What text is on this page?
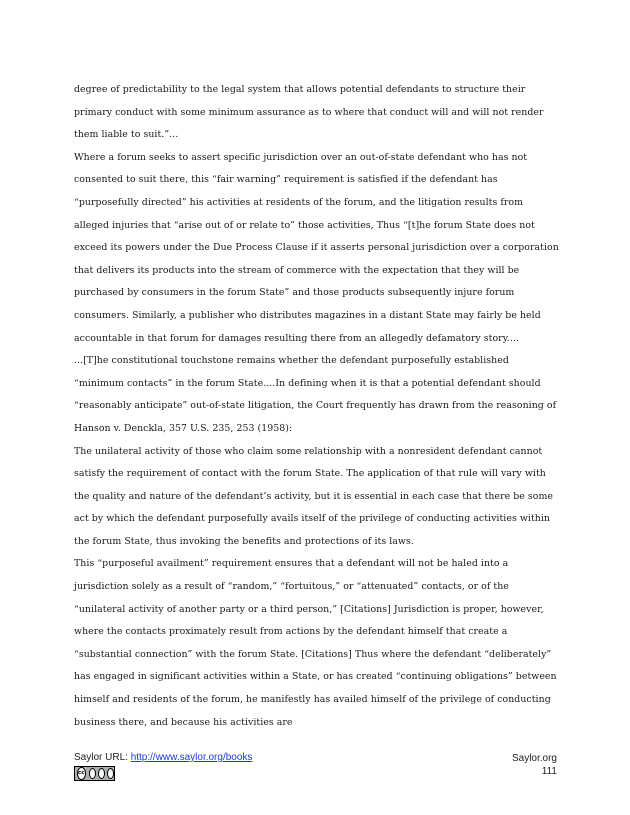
degree of predictability to the legal system that allows potential defendants to structure their primary conduct with some minimum assurance as to where that conduct will and will not render them liable to suit.”...

Where a forum seeks to assert specific jurisdiction over an out-of-state defendant who has not consented to suit there, this “fair warning” requirement is satisfied if the defendant has “purposefully directed” his activities at residents of the forum, and the litigation results from alleged injuries that “arise out of or relate to” those activities, Thus “[t]he forum State does not exceed its powers under the Due Process Clause if it asserts personal jurisdiction over a corporation that delivers its products into the stream of commerce with the expectation that they will be purchased by consumers in the forum State” and those products subsequently injure forum consumers. Similarly, a publisher who distributes magazines in a distant State may fairly be held accountable in that forum for damages resulting there from an allegedly defamatory story....

...[T]he constitutional touchstone remains whether the defendant purposefully established “minimum contacts” in the forum State....In defining when it is that a potential defendant should “reasonably anticipate” out-of-state litigation, the Court frequently has drawn from the reasoning of Hanson v. Denckla, 357 U.S. 235, 253 (1958):

The unilateral activity of those who claim some relationship with a nonresident defendant cannot satisfy the requirement of contact with the forum State. The application of that rule will vary with the quality and nature of the defendant’s activity, but it is essential in each case that there be some act by which the defendant purposefully avails itself of the privilege of conducting activities within the forum State, thus invoking the benefits and protections of its laws.

This “purposeful availment” requirement ensures that a defendant will not be haled into a jurisdiction solely as a result of “random,” “fortuitous,” or “attenuated” contacts, or of the “unilateral activity of another party or a third person,” [Citations] Jurisdiction is proper, however, where the contacts proximately result from actions by the defendant himself that create a “substantial connection” with the forum State. [Citations] Thus where the defendant “deliberately” has engaged in significant activities within a State, or has created “continuing obligations” between himself and residents of the forum, he manifestly has availed himself of the privilege of conducting business there, and because his activities are

Saylor URL: http://www.saylor.org/books
cc
Saylor.org
111
